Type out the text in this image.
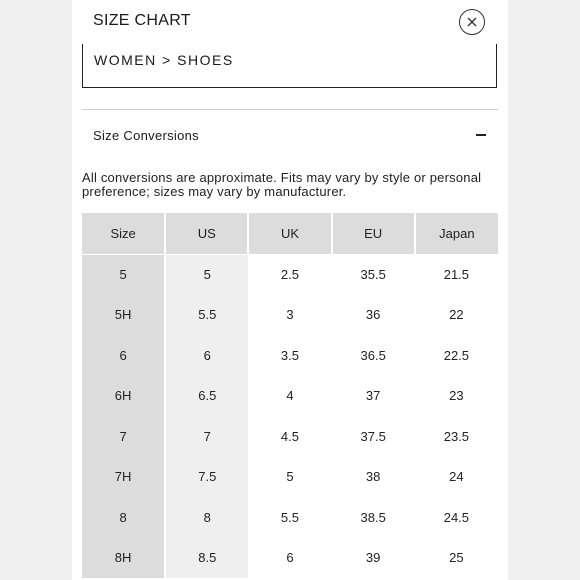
SIZE CHART
WOMEN > SHOES
Size Conversions
All conversions are approximate. Fits may vary by style or personal preference; sizes may vary by manufacturer.
Size	US	UK	EU	Japan
5	5	2.5	35.5	21.5
5H	5.5	3	36	22
6	6	3.5	36.5	22.5
6H	6.5	4	37	23
7	7	4.5	37.5	23.5
7H	7.5	5	38	24
8	8	5.5	38.5	24.5
8H	8.5	6	39	25
